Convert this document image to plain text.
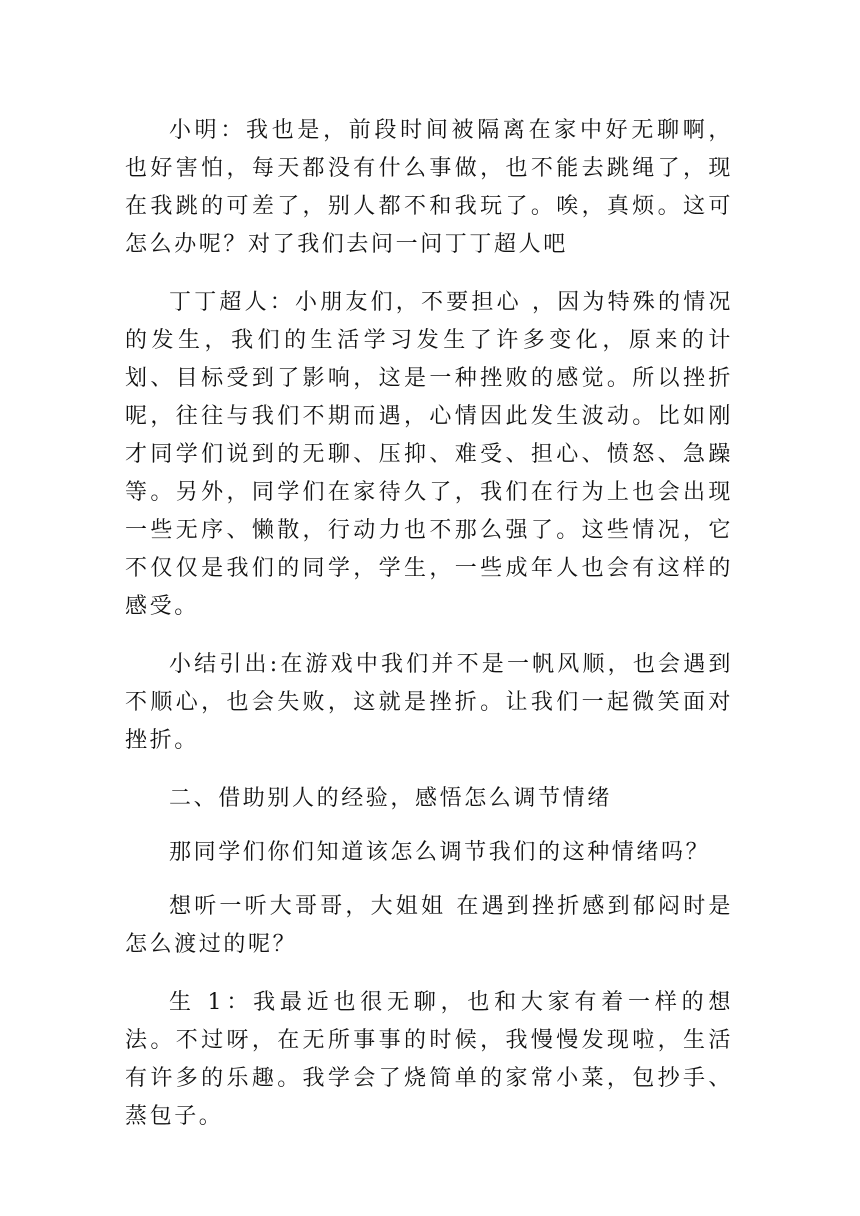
小明：我也是，前段时间被隔离在家中好无聊啊，也好害怕，每天都没有什么事做，也不能去跳绳了，现在我跳的可差了，别人都不和我玩了。唉，真烦。这可怎么办呢？对了我们去问一问丁丁超人吧

丁丁超人：小朋友们，不要担心 ，因为特殊的情况的发生，我们的生活学习发生了许多变化，原来的计划、目标受到了影响，这是一种挫败的感觉。所以挫折呢，往往与我们不期而遇，心情因此发生波动。比如刚才同学们说到的无聊、压抑、难受、担心、愤怒、急躁等。另外，同学们在家待久了，我们在行为上也会出现一些无序、懒散，行动力也不那么强了。这些情况，它不仅仅是我们的同学，学生，一些成年人也会有这样的感受。

小结引出:在游戏中我们并不是一帆风顺，也会遇到不顺心，也会失败，这就是挫折。让我们一起微笑面对挫折。

二、借助别人的经验，感悟怎么调节情绪

那同学们你们知道该怎么调节我们的这种情绪吗？

想听一听大哥哥，大姐姐 在遇到挫折感到郁闷时是怎么渡过的呢？

生 1：我最近也很无聊，也和大家有着一样的想法。不过呀，在无所事事的时候，我慢慢发现啦，生活有许多的乐趣。我学会了烧简单的家常小菜，包抄手、蒸包子。
